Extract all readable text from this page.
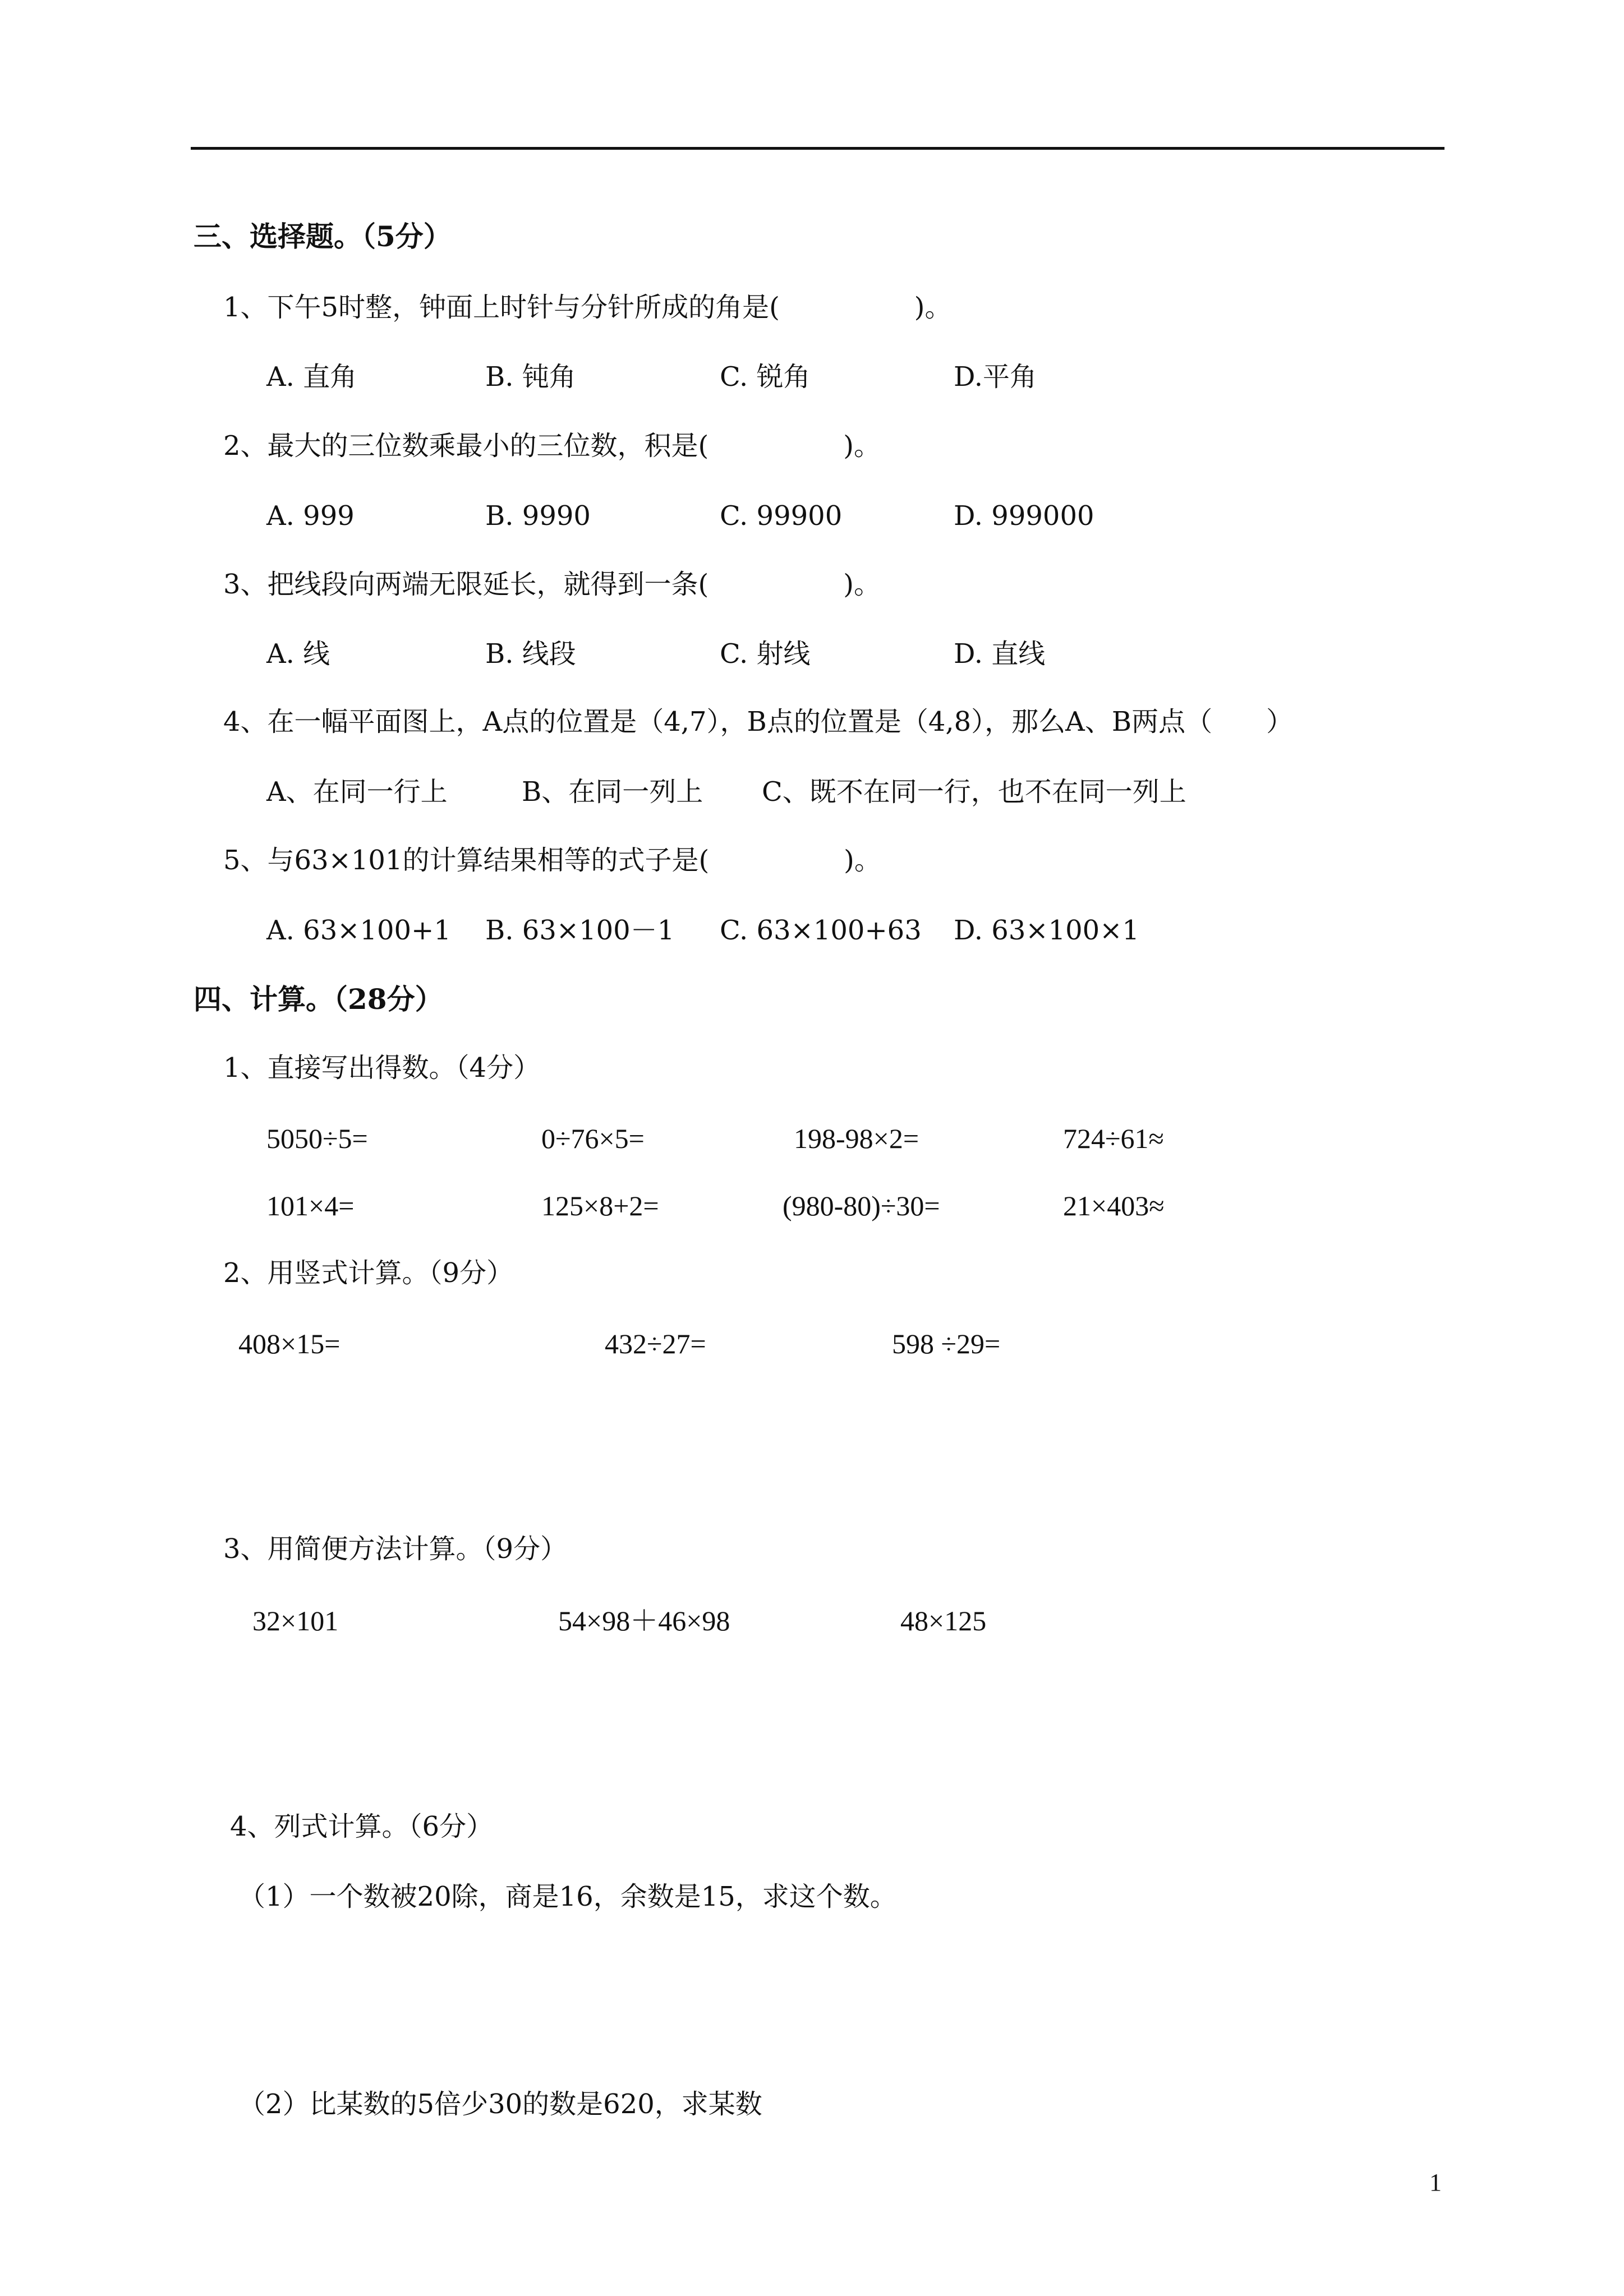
三、选择题。（5分）
1、下午5时整，钟面上时针与分针所成的角是(　　　　　)。
A. 直角	B. 钝角	C. 锐角	D.平角
2、最大的三位数乘最小的三位数，积是(　　　　　)。
A. 999	B. 9990	C. 99900	D. 999000
3、把线段向两端无限延长，就得到一条(　　　　　)。
A. 线	B. 线段	C. 射线	D. 直线
4、在一幅平面图上，A点的位置是（4,7），B点的位置是（4,8），那么A、B两点（　　）
A、在同一行上	B、在同一列上 C、既不在同一行，也不在同一列上
5、与63×101的计算结果相等的式子是(　　　　　)。
A. 63×100+1 B. 63×100－1 C. 63×100+63 D. 63×100×1
四、计算。（28分）
1、直接写出得数。（4分）
5050÷5=	0÷76×5=	198-98×2=	724÷61≈
101×4=	125×8+2=	(980-80)÷30=	21×403≈
2、用竖式计算。（9分）
408×15=	432÷27=	598 ÷29=
3、用简便方法计算。（9分）
32×101	54×98＋46×98	48×125
4、列式计算。（6分）
（1）一个数被20除，商是16，余数是15，求这个数。
（2）比某数的5倍少30的数是620，求某数
1
